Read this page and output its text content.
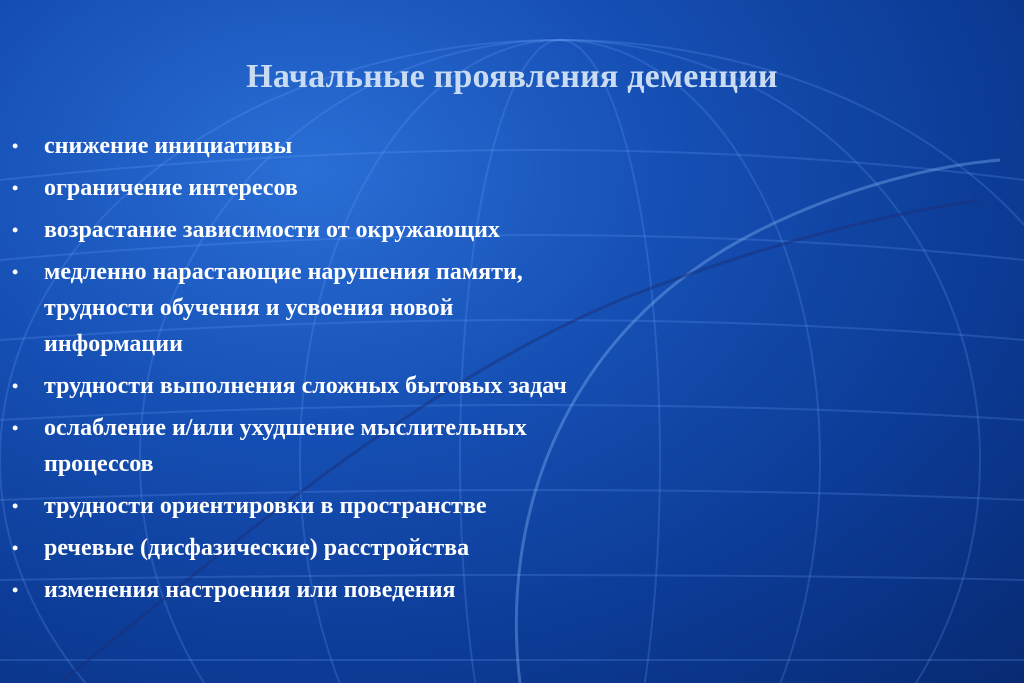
Начальные проявления деменции
• снижение инициативы
• ограничение интересов
• возрастание зависимости от окружающих
• медленно нарастающие нарушения памяти,
трудности обучения и усвоения новой
информации
• трудности выполнения сложных бытовых задач
• ослабление и/или ухудшение мыслительных
процессов
• трудности ориентировки в пространстве
• речевые (дисфазические) расстройства
• изменения настроения или поведения
